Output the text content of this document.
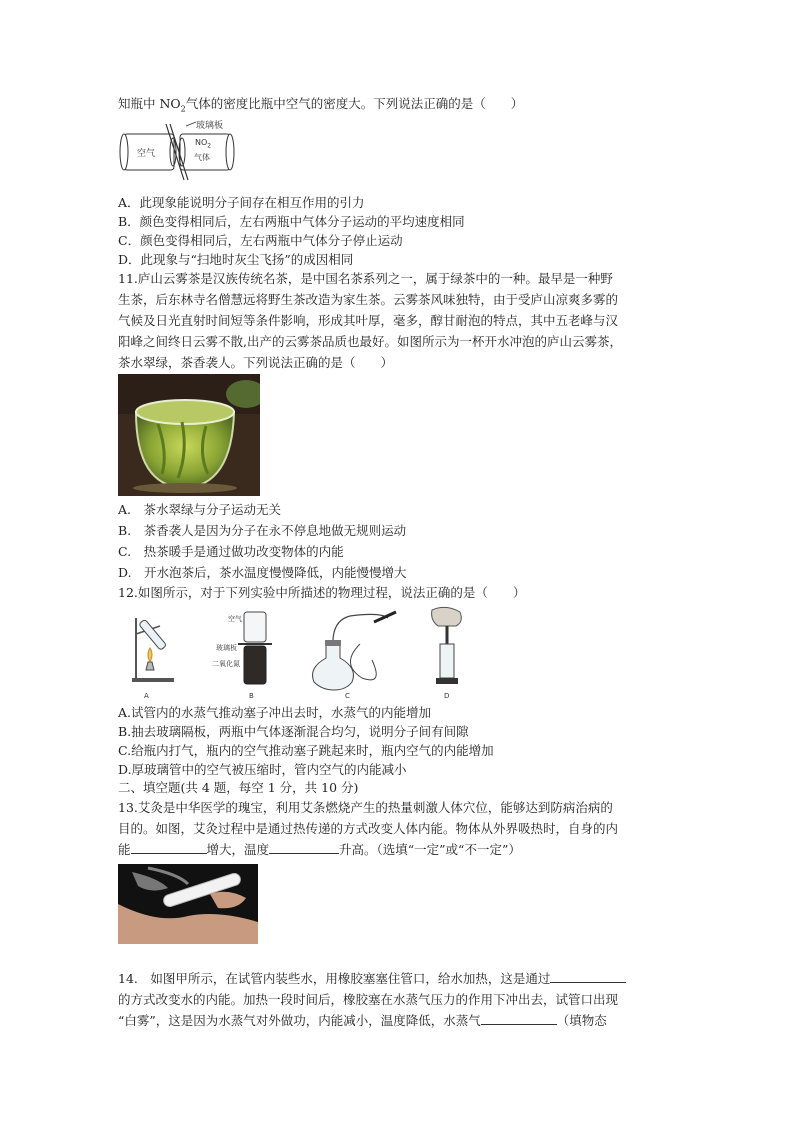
知瓶中 $NO_2$气体的密度比瓶中空气的密度大。下列说法正确的是（　　）
玻璃板
空气
$NO_2$
气体
A．此现象能说明分子间存在相互作用的引力
B．颜色变得相同后，左右两瓶中气体分子运动的平均速度相同
C．颜色变得相同后，左右两瓶中气体分子停止运动
D．此现象与“扫地时灰尘飞扬”的成因相同
11.庐山云雾茶是汉族传统名茶，是中国名茶系列之一，属于绿茶中的一种。最早是一种野
生茶，后东林寺名僧慧远将野生茶改造为家生茶。云雾茶风味独特，由于受庐山凉爽多雾的
气候及日光直射时间短等条件影响，形成其叶厚，毫多，醇甘耐泡的特点，其中五老峰与汉
阳峰之间终日云雾不散,出产的云雾茶品质也最好。如图所示为一杯开水冲泡的庐山云雾茶，
茶水翠绿，茶香袭人。下列说法正确的是（　　）
A.　茶水翠绿与分子运动无关
B.　茶香袭人是因为分子在永不停息地做无规则运动
C.　热茶暖手是通过做功改变物体的内能
D.　开水泡茶后，茶水温度慢慢降低，内能慢慢增大
12.如图所示，对于下列实验中所描述的物理过程，说法正确的是（　　）
A
空气
玻璃板
二氧化氮
B	C	D
A.试管内的水蒸气推动塞子冲出去时，水蒸气的内能增加
B.抽去玻璃隔板，两瓶中气体逐渐混合均匀，说明分子间有间隙
C.给瓶内打气，瓶内的空气推动塞子跳起来时，瓶内空气的内能增加
D.厚玻璃管中的空气被压缩时，管内空气的内能减小
二、填空题(共 4 题，每空 1 分，共 10 分)
13.艾灸是中华医学的瑰宝，利用艾条燃烧产生的热量刺激人体穴位，能够达到防病治病的
目的。如图，艾灸过程中是通过热传递的方式改变人体内能。物体从外界吸热时，自身的内
能	增大，温度	升高。（选填“一定”或“不一定”）
14.　如图甲所示，在试管内装些水，用橡胶塞塞住管口，给水加热，这是通过
的方式改变水的内能。加热一段时间后，橡胶塞在水蒸气压力的作用下冲出去，试管口出现
“白雾”，这是因为水蒸气对外做功，内能减小，温度降低，水蒸气	（填物态
